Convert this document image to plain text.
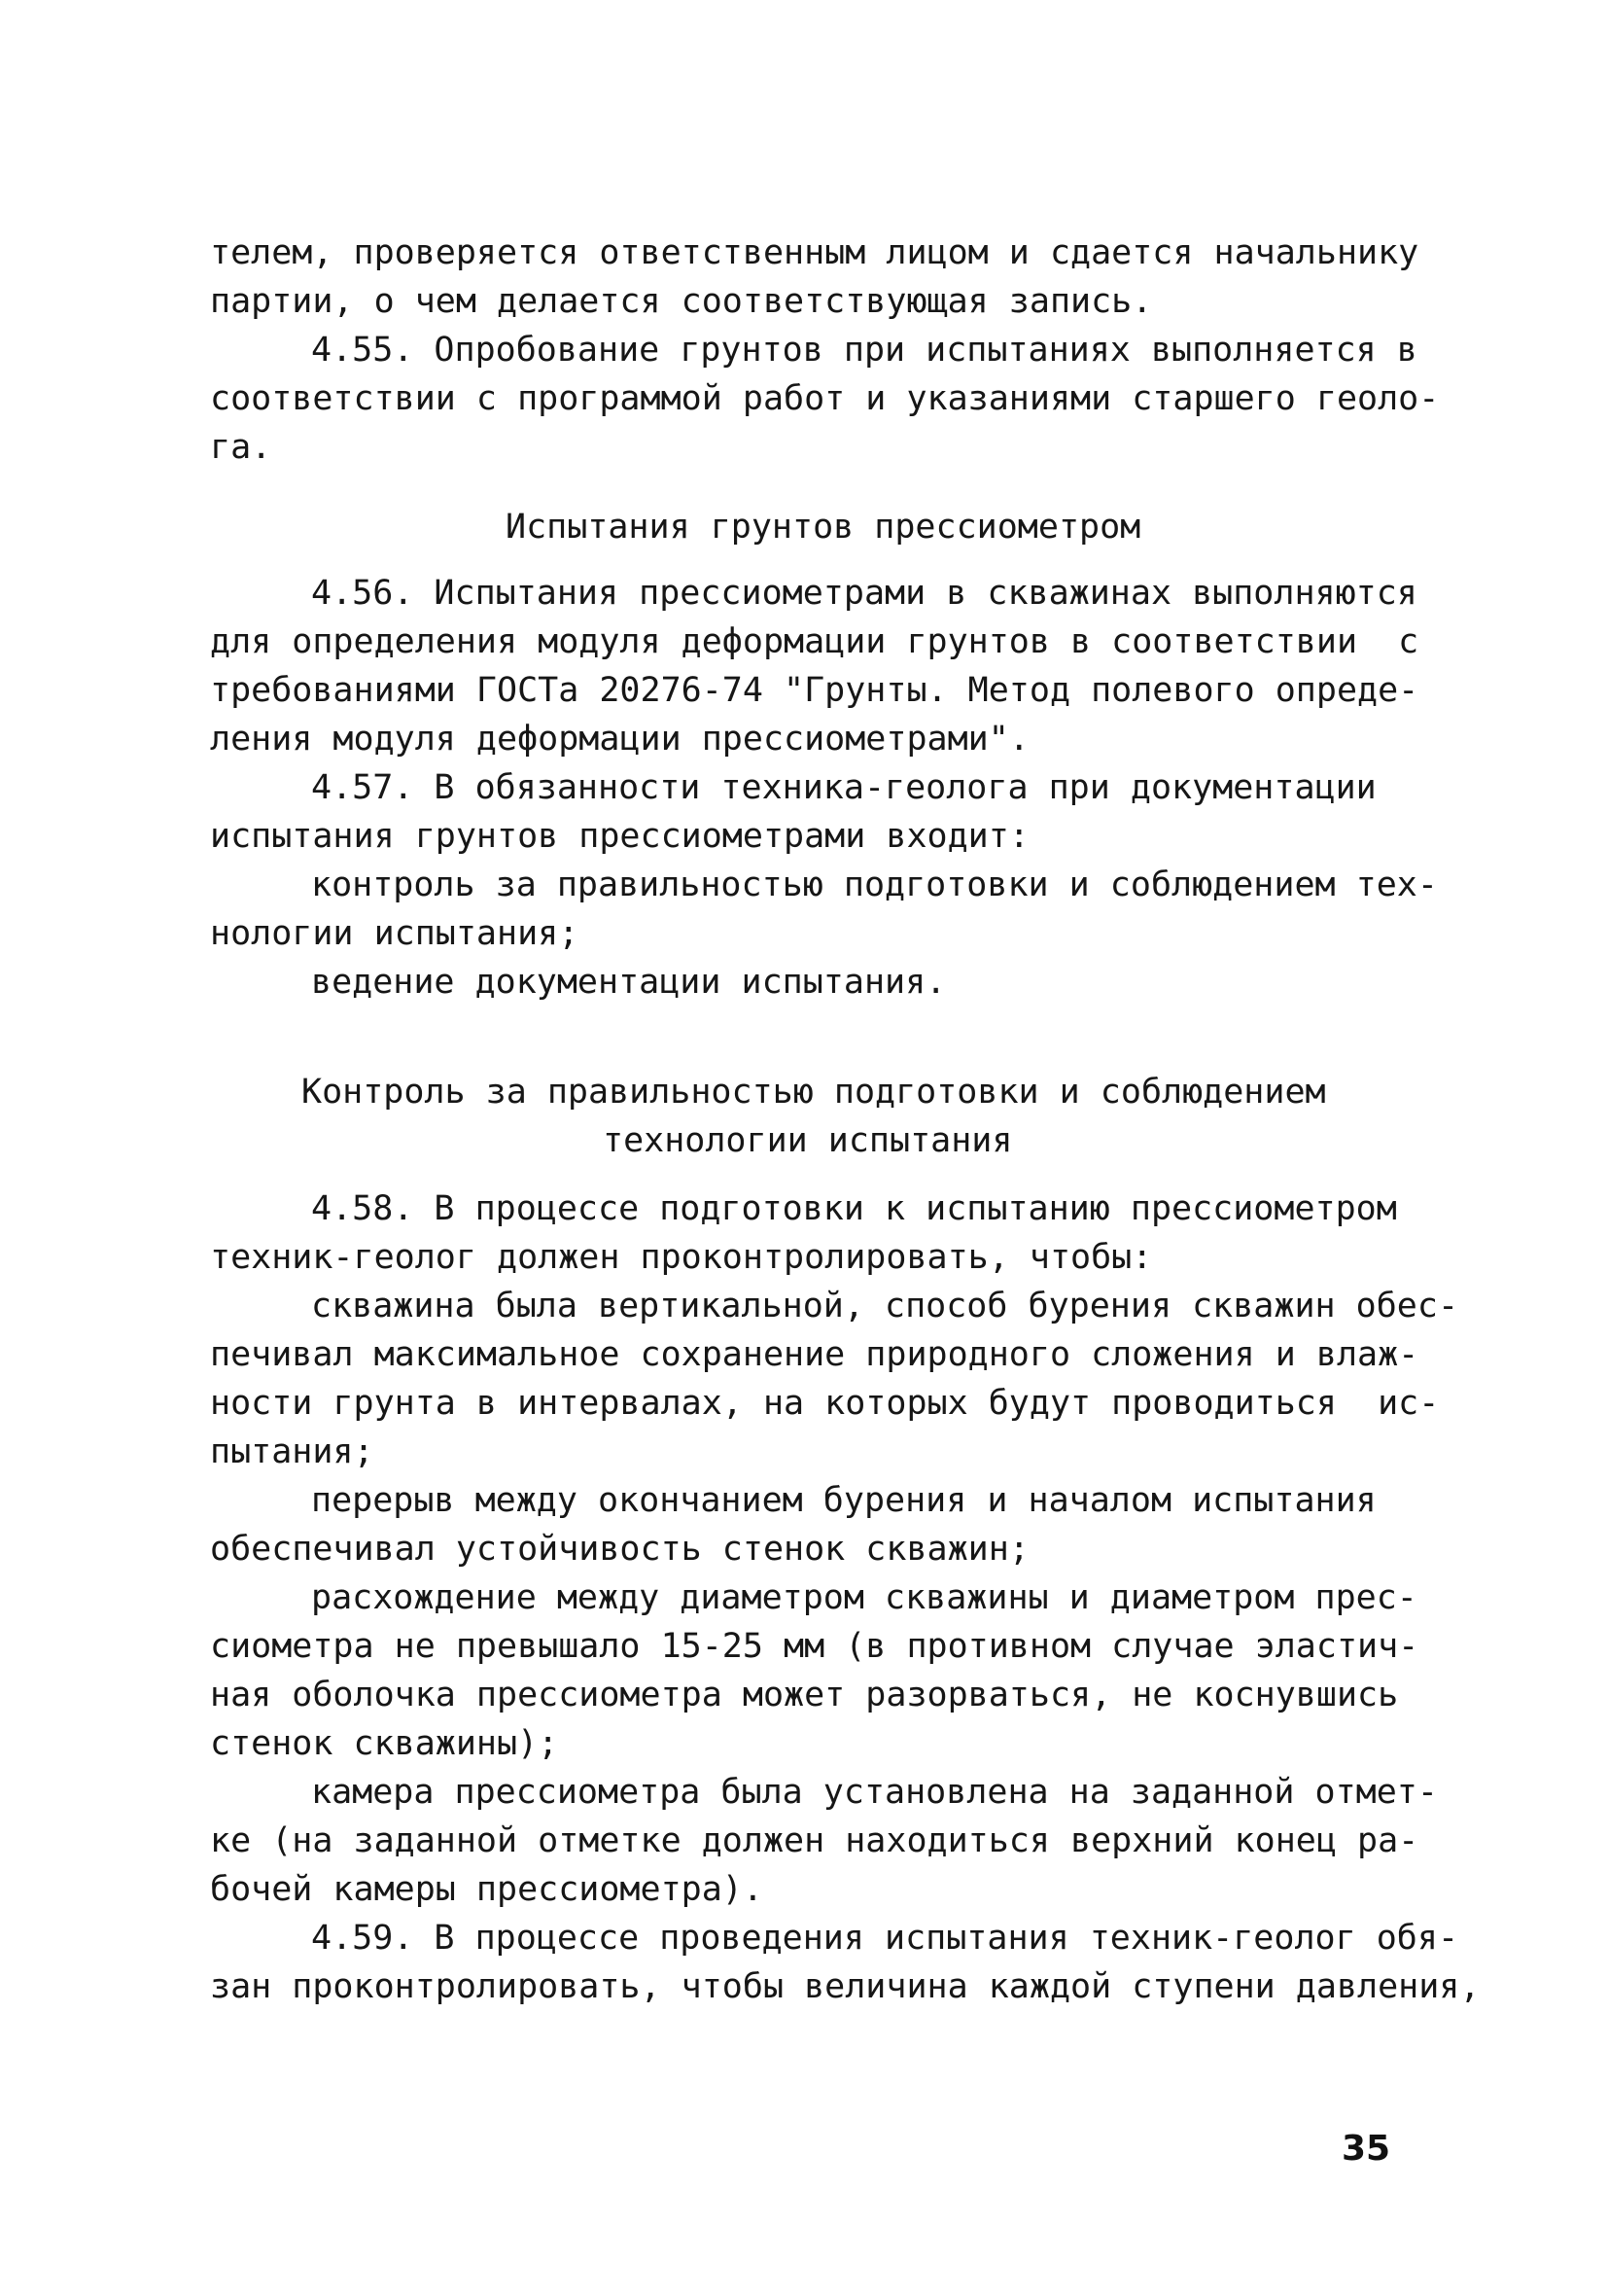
телем, проверяется ответственным лицом и сдается начальнику
партии, о чем делается соответствующая запись.
4.55. Опробование грунтов при испытаниях выполняется в
соответствии с программой работ и указаниями старшего геоло-
га.
Испытания грунтов прессиометром
4.56. Испытания прессиометрами в скважинах выполняются
для определения модуля деформации грунтов в соответствии  с
требованиями ГОСТа 20276-74 "Грунты. Метод полевого опреде-
ления модуля деформации прессиометрами".
4.57. В обязанности техника-геолога при документации
испытания грунтов прессиометрами входит:
контроль за правильностью подготовки и соблюдением тех-
нологии испытания;
ведение документации испытания.
Контроль за правильностью подготовки и соблюдением
технологии испытания
4.58. В процессе подготовки к испытанию прессиометром
техник-геолог должен проконтролировать, чтобы:
скважина была вертикальной, способ бурения скважин обес-
печивал максимальное сохранение природного сложения и влаж-
ности грунта в интервалах, на которых будут проводиться  ис-
пытания;
перерыв между окончанием бурения и началом испытания
обеспечивал устойчивость стенок скважин;
расхождение между диаметром скважины и диаметром прес-
сиометра не превышало 15-25 мм (в противном случае эластич-
ная оболочка прессиометра может разорваться, не коснувшись
стенок скважины);
камера прессиометра была установлена на заданной отмет-
ке (на заданной отметке должен находиться верхний конец ра-
бочей камеры прессиометра).
4.59. В процессе проведения испытания техник-геолог обя-
зан проконтролировать, чтобы величина каждой ступени давления,
35
